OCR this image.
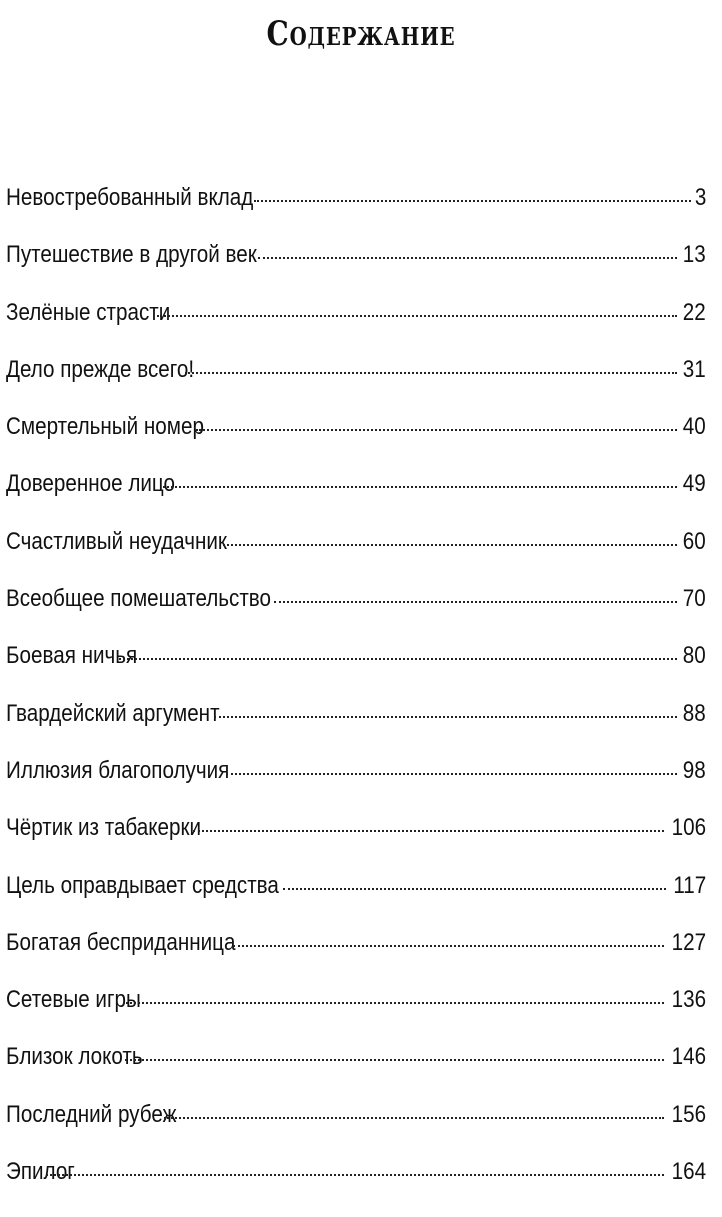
Содержание
Невостребованный вклад	3
Путешествие в другой век	13
Зелёные страсти	22
Дело прежде всего!	31
Смертельный номер	40
Доверенное лицо	49
Счастливый неудачник	60
Всеобщее помешательство	70
Боевая ничья	80
Гвардейский аргумент	88
Иллюзия благополучия	98
Чёртик из табакерки	106
Цель оправдывает средства	117
Богатая бесприданница	127
Сетевые игры	136
Близок локоть	146
Последний рубеж	156
Эпилог	164
